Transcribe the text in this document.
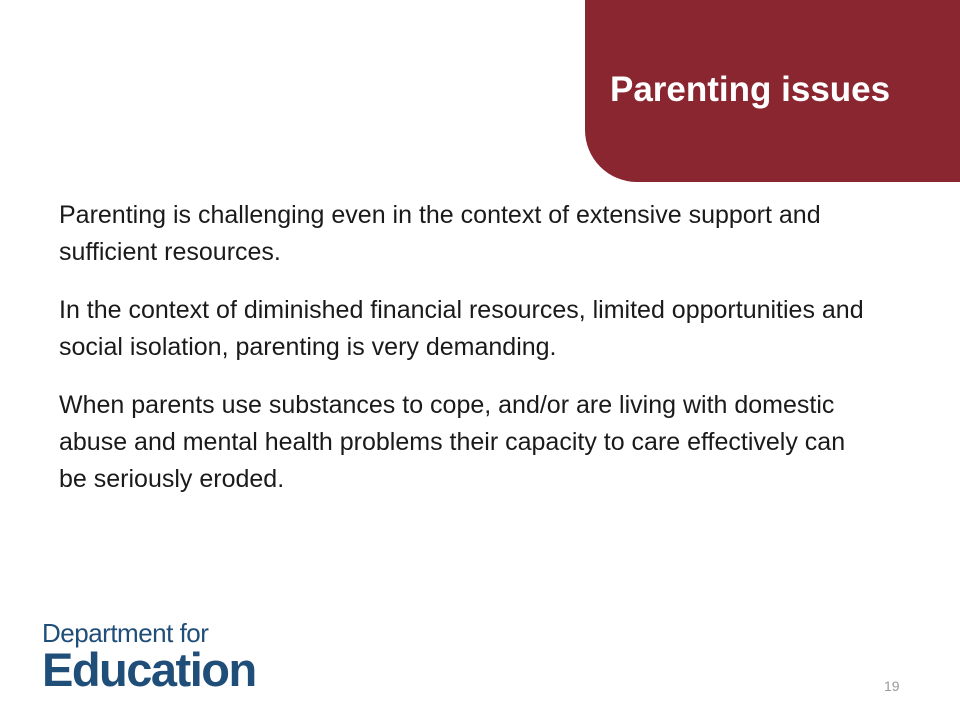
Parenting issues

Parenting is challenging even in the context of extensive support and sufficient resources.

In the context of diminished financial resources, limited opportunities and social isolation, parenting is very demanding.

When parents use substances to cope, and/or are living with domestic abuse and mental health problems their capacity to care effectively can be seriously eroded.

Department for
Education	19
